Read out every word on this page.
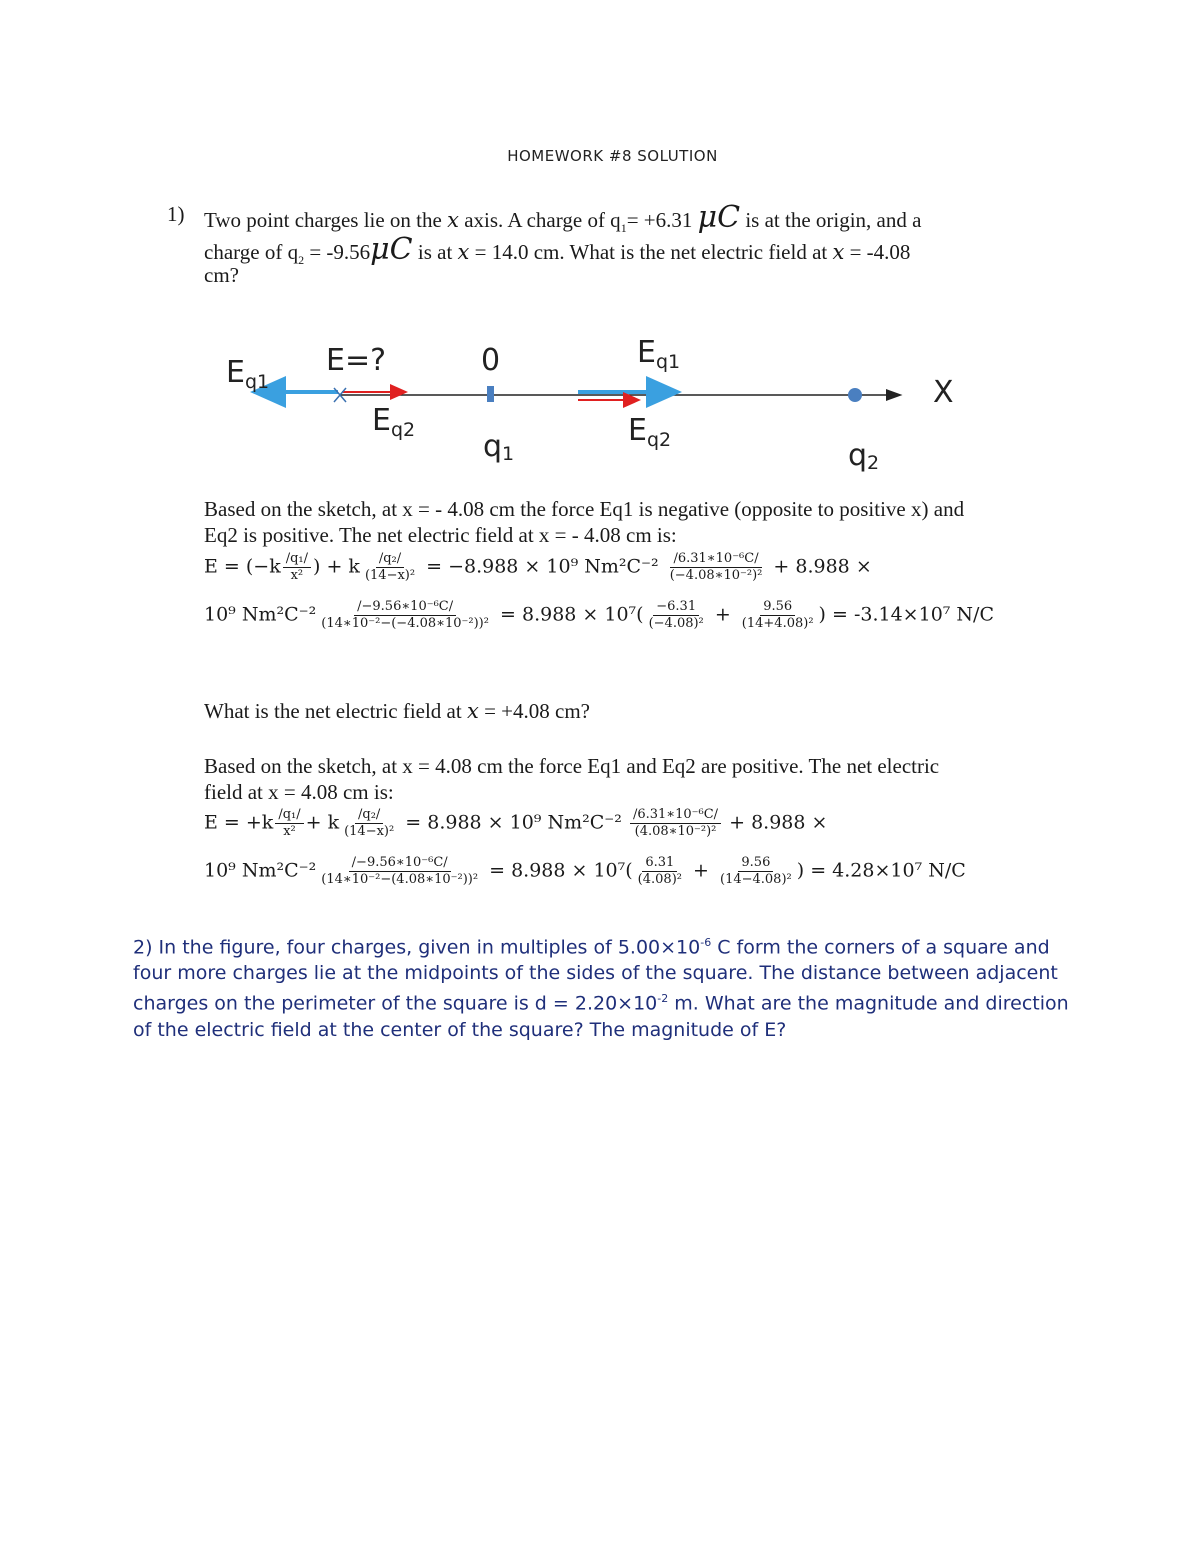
HOMEWORK #8 SOLUTION
1) Two point charges lie on the x axis. A charge of $q_1= +6.31$ μC is at the origin, and a
charge of $q_2 = -9.56\mu C$ is at x = 14.0 cm. What is the net electric field at x = -4.08
cm?
$E_{q1}$
E=?	0	$E_{q1}$
X
$E_{q2}$ q1
$E_{q2}$	q2
Based on the sketch, at x = - 4.08 cm the force Eq1 is negative (opposite to positive x) and
Eq2 is positive. The net electric field at x = - 4.08 cm is:
$E = (-k \frac{\text{/q₁/}}{\text{x²}}$ ) + k $\frac{\text{/q₂/}}{\text{(14−x)²}} = -8.988 \times 10^9$ $Nm^2C^{-2} \frac{\text{/6.31∗10⁻⁶C/}}{\text{(−4.08∗10⁻²)²}} + 8.988$ ×
10⁹ $Nm^2C^{-2} \frac{\text{/−9.56∗10⁻⁶C/}}{\text{(14∗10⁻²−(−4.08∗10⁻²))²}} = 8.988 \times 10^7( \frac{-6.31}{\text{(−4.08)²}} + \frac{9.56}{\text{(14+4.08)²}}$ ) = -3.14×10⁷ N/C
What is the net electric field at x = +4.08 cm?
Based on the sketch, at x = 4.08 cm the force Eq1 and Eq2 are positive. The net electric
field at x = 4.08 cm is:
$E = +k \frac{\text{/q₁/}}{\text{x²}} + k \frac{\text{/q₂/}}{\text{(14−x)²}} = 8.988 \times 10^9$ $Nm^2C^{-2} \frac{\text{/6.31∗10⁻⁶C/}}{\text{(4.08∗10⁻²)²}} + 8.988$ ×
10⁹ $Nm^2C^{-2} \frac{\text{/−9.56∗10⁻⁶C/}}{\text{(14∗10⁻²−(4.08∗10⁻²))²}} = 8.988 \times 10^7( \frac{6.31}{\text{(4.08)²}} + \frac{9.56}{\text{(14−4.08)²}}$ ) = 4.28×10⁷ N/C
2) In the figure, four charges, given in multiples of $5.00\times 10^{-6}$ C form the corners of a square and four more charges lie at the midpoints of the sides of the square. The distance between adjacent charges on the perimeter of the square is $d = 2.20\times 10^{-2}$ m. What are the magnitude and direction of the electric field at the center of the square? The magnitude of E?
